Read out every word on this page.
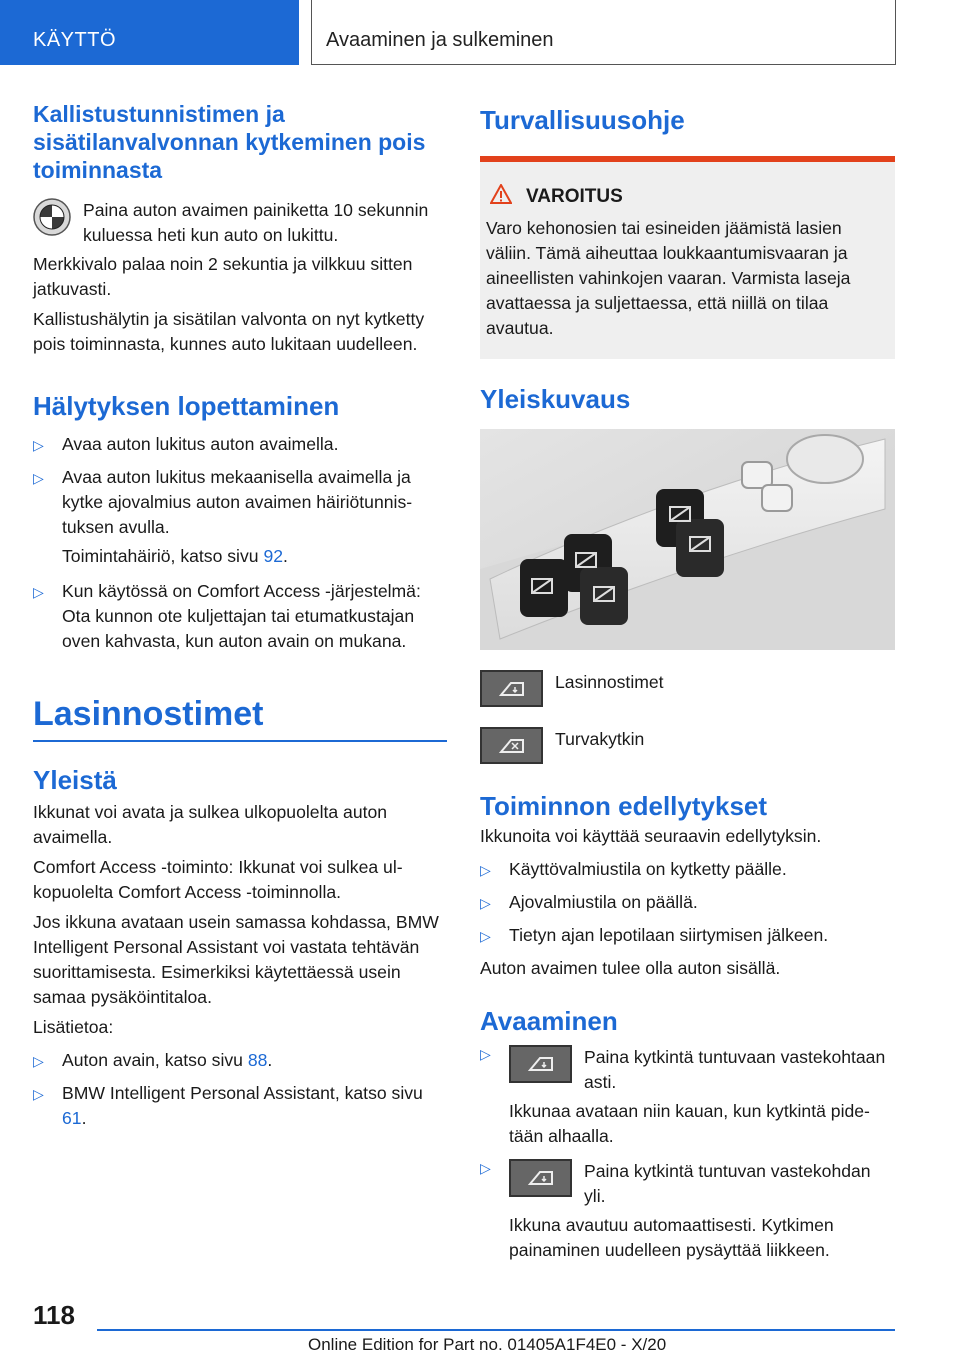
KÄYTTÖ	Avaaminen ja sulkeminen
Kallistustunnistimen ja sisätilanvalvonnan kytkeminen pois toiminnasta

Paina auton avaimen painiketta 10 sekunnin kuluessa heti kun auto on lukittu.

Merkkivalo palaa noin 2 sekuntia ja vilkkuu sitten jatkuvasti.

Kallistushälytin ja sisätilan valvonta on nyt kytketty pois toiminnasta, kunnes auto lukitaan uudelleen.

Hälytyksen lopettaminen
▷ Avaa auton lukitus auton avaimella.
▷ Avaa auton lukitus mekaanisella avaimella ja kytke ajovalmius auton avaimen häiriötunnistuksen avulla.

Toimintahäiriö, katso sivu 92.

▷ Kun käytössä on Comfort Access -järjestelmä: Ota kunnon ote kuljettajan tai etumatkustajan oven kahvasta, kun auton avain on mukana.
Lasinnostimet
Yleistä

Ikkunat voi avata ja sulkea ulkopuolelta auton avaimella.

Comfort Access -toiminto: Ikkunat voi sulkea ulkopuolelta Comfort Access -toiminnolla.

Jos ikkuna avataan usein samassa kohdassa, BMW Intelligent Personal Assistant voi vastata tehtävän suorittamisesta. Esimerkiksi käytettäessä usein samaa pysäköintitaloa.

Lisätietoa:

▷ Auton avain, katso sivu 88.
▷ BMW Intelligent Personal Assistant, katso sivu 61.
Turvallisuusohje
VAROITUS

Varo kehonosien tai esineiden jäämistä lasien väliin. Tämä aiheuttaa loukkaantumisvaaran ja aineellisten vahinkojen vaaran. Varmista laseja avattaessa ja suljettaessa, että niillä on tilaa avautua.

Yleiskuvaus
Lasinnostimet
Turvakytkin
Toiminnon edellytykset

Ikkunoita voi käyttää seuraavin edellytyksin.

▷ Käyttövalmiustila on kytketty päälle.
▷ Ajovalmiustila on päällä.
▷ Tietyn ajan lepotilaan siirtymisen jälkeen.

Auton avaimen tulee olla auton sisällä.

Avaaminen
▷	Paina kytkintä tuntuvaan vastekohtaan asti.

Ikkunaa avataan niin kauan, kun kytkintä pidetään alhaalla.

▷	Paina kytkintä tuntuvan vastekohdan yli.

Ikkuna avautuu automaattisesti. Kytkimen painaminen uudelleen pysäyttää liikkeen.

118
Online Edition for Part no. 01405A1F4E0 - X/20
